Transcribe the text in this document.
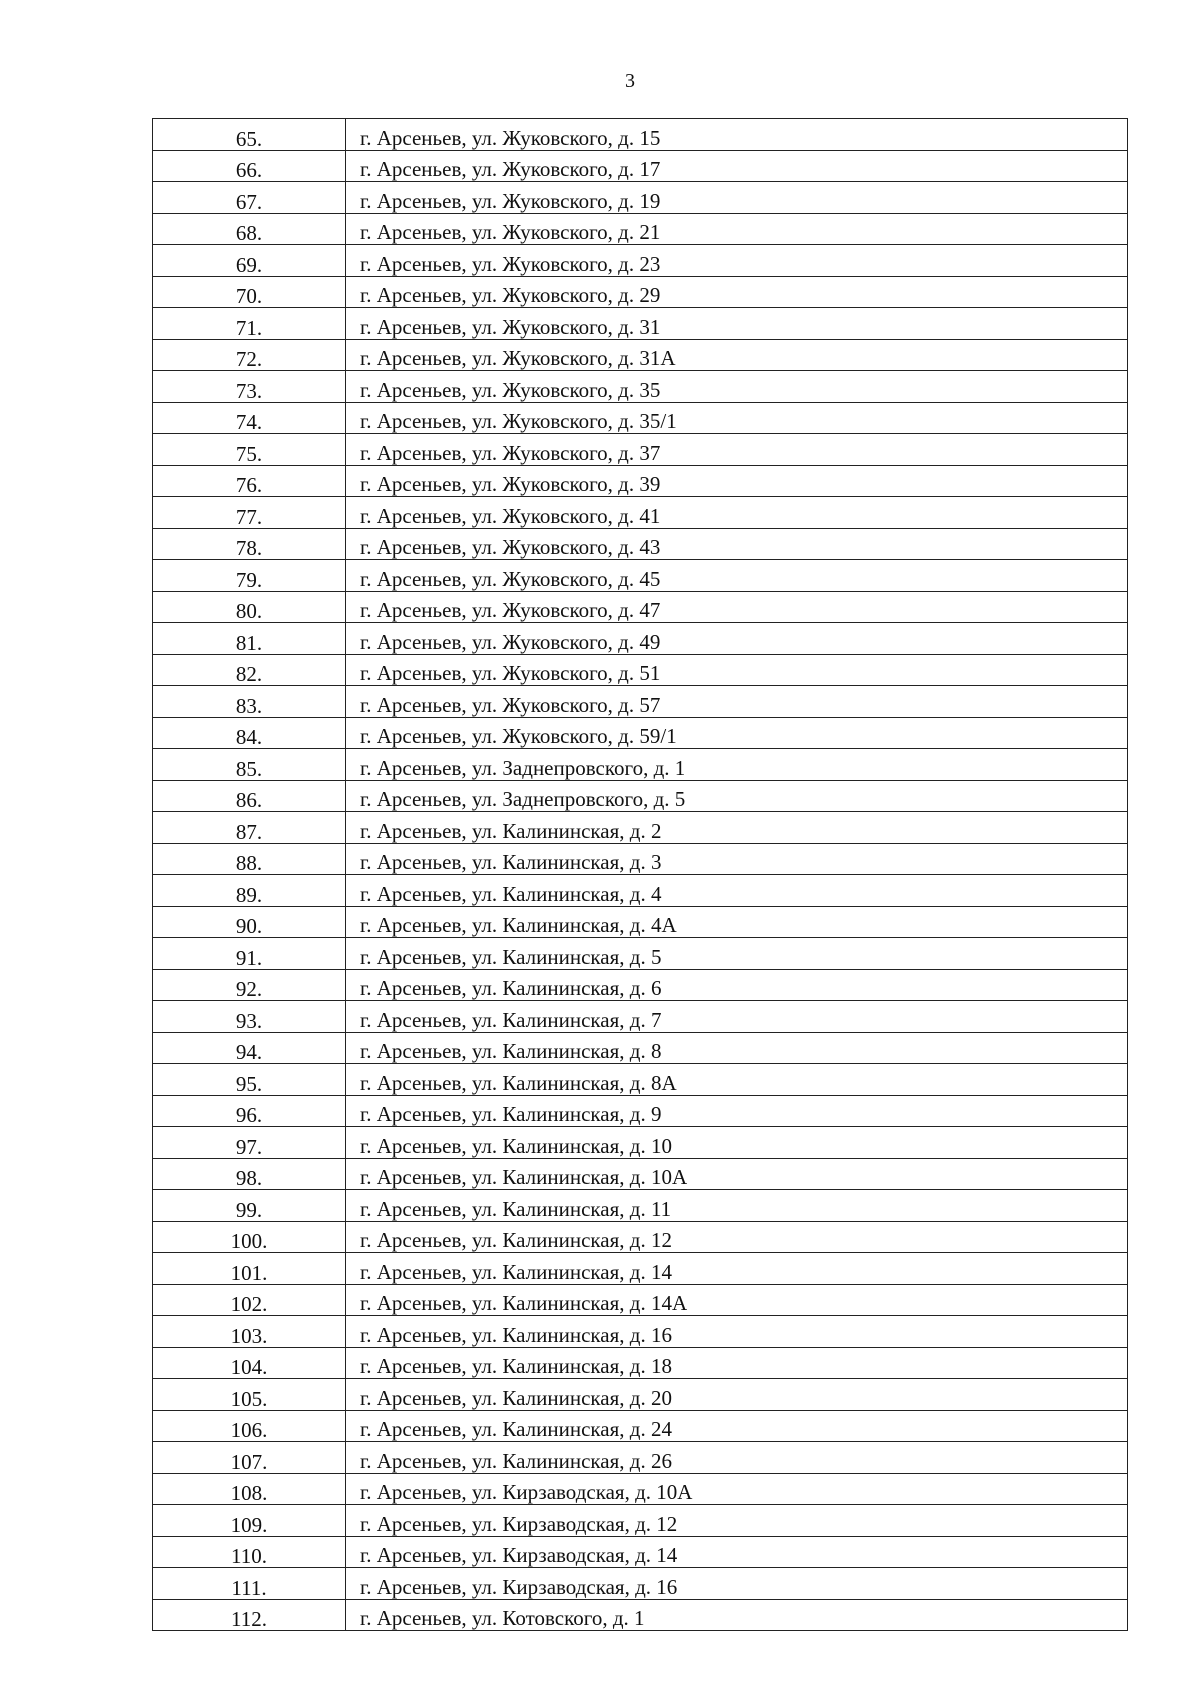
3
65.	г. Арсеньев, ул. Жуковского, д. 15
66.	г. Арсеньев, ул. Жуковского, д. 17
67.	г. Арсеньев, ул. Жуковского, д. 19
68.	г. Арсеньев, ул. Жуковского, д. 21
69.	г. Арсеньев, ул. Жуковского, д. 23
70.	г. Арсеньев, ул. Жуковского, д. 29
71.	г. Арсеньев, ул. Жуковского, д. 31
72.	г. Арсеньев, ул. Жуковского, д. 31А
73.	г. Арсеньев, ул. Жуковского, д. 35
74.	г. Арсеньев, ул. Жуковского, д. 35/1
75.	г. Арсеньев, ул. Жуковского, д. 37
76.	г. Арсеньев, ул. Жуковского, д. 39
77.	г. Арсеньев, ул. Жуковского, д. 41
78.	г. Арсеньев, ул. Жуковского, д. 43
79.	г. Арсеньев, ул. Жуковского, д. 45
80.	г. Арсеньев, ул. Жуковского, д. 47
81.	г. Арсеньев, ул. Жуковского, д. 49
82.	г. Арсеньев, ул. Жуковского, д. 51
83.	г. Арсеньев, ул. Жуковского, д. 57
84.	г. Арсеньев, ул. Жуковского, д. 59/1
85.	г. Арсеньев, ул. Заднепровского, д. 1
86.	г. Арсеньев, ул. Заднепровского, д. 5
87.	г. Арсеньев, ул. Калининская, д. 2
88.	г. Арсеньев, ул. Калининская, д. 3
89.	г. Арсеньев, ул. Калининская, д. 4
90.	г. Арсеньев, ул. Калининская, д. 4А
91.	г. Арсеньев, ул. Калининская, д. 5
92.	г. Арсеньев, ул. Калининская, д. 6
93.	г. Арсеньев, ул. Калининская, д. 7
94.	г. Арсеньев, ул. Калининская, д. 8
95.	г. Арсеньев, ул. Калининская, д. 8А
96.	г. Арсеньев, ул. Калининская, д. 9
97.	г. Арсеньев, ул. Калининская, д. 10
98.	г. Арсеньев, ул. Калининская, д. 10А
99.	г. Арсеньев, ул. Калининская, д. 11
100.	г. Арсеньев, ул. Калининская, д. 12
101.	г. Арсеньев, ул. Калининская, д. 14
102.	г. Арсеньев, ул. Калининская, д. 14А
103.	г. Арсеньев, ул. Калининская, д. 16
104.	г. Арсеньев, ул. Калининская, д. 18
105.	г. Арсеньев, ул. Калининская, д. 20
106.	г. Арсеньев, ул. Калининская, д. 24
107.	г. Арсеньев, ул. Калининская, д. 26
108.	г. Арсеньев, ул. Кирзаводская, д. 10А
109.	г. Арсеньев, ул. Кирзаводская, д. 12
110.	г. Арсеньев, ул. Кирзаводская, д. 14
111.	г. Арсеньев, ул. Кирзаводская, д. 16
112.	г. Арсеньев, ул. Котовского, д. 1
